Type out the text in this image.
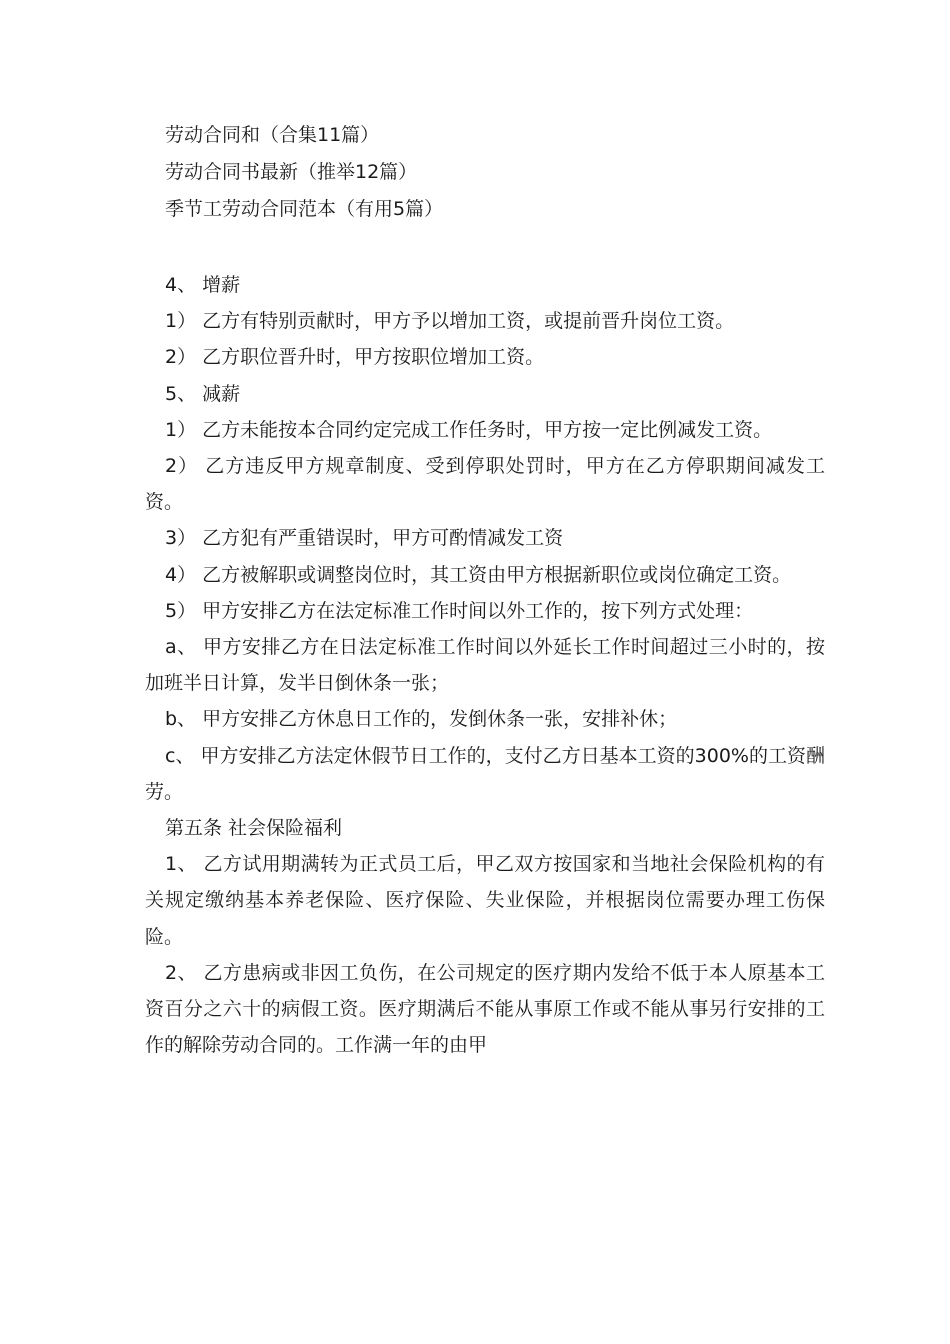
劳动合同和（合集11篇）
劳动合同书最新（推举12篇）
季节工劳动合同范本（有用5篇）

4、 增薪

1） 乙方有特别贡献时，甲方予以增加工资，或提前晋升岗位工资。

2） 乙方职位晋升时，甲方按职位增加工资。

5、 减薪

1） 乙方未能按本合同约定完成工作任务时，甲方按一定比例减发工资。

2） 乙方违反甲方规章制度、受到停职处罚时，甲方在乙方停职期间减发工资。

3） 乙方犯有严重错误时，甲方可酌情减发工资

4） 乙方被解职或调整岗位时，其工资由甲方根据新职位或岗位确定工资。

5） 甲方安排乙方在法定标准工作时间以外工作的，按下列方式处理：

a、 甲方安排乙方在日法定标准工作时间以外延长工作时间超过三小时的，按加班半日计算，发半日倒休条一张；

b、 甲方安排乙方休息日工作的，发倒休条一张，安排补休；

c、 甲方安排乙方法定休假节日工作的，支付乙方日基本工资的300%的工资酬劳。

第五条 社会保险福利

1、 乙方试用期满转为正式员工后，甲乙双方按国家和当地社会保险机构的有关规定缴纳基本养老保险、医疗保险、失业保险，并根据岗位需要办理工伤保险。

2、 乙方患病或非因工负伤，在公司规定的医疗期内发给不低于本人原基本工资百分之六十的病假工资。医疗期满后不能从事原工作或不能从事另行安排的工作的解除劳动合同的。工作满一年的由甲
